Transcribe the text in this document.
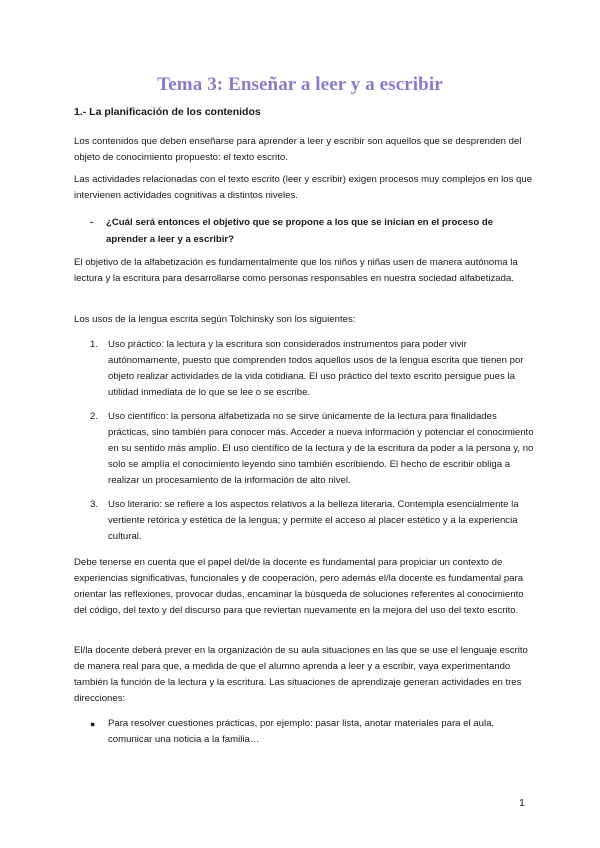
Tema 3: Enseñar a leer y a escribir
1.- La planificación de los contenidos

Los contenidos que deben enseñarse para aprender a leer y escribir son aquellos que se desprenden del objeto de conocimiento propuesto: el texto escrito.

Las actividades relacionadas con el texto escrito (leer y escribir) exigen procesos muy complejos en los que intervienen actividades cognitivas a distintos niveles.

- ¿Cuál será entonces el objetivo que se propone a los que se inician en el proceso de aprender a leer y a escribir?

El objetivo de la alfabetización es fundamentalmente que los niños y niñas usen de manera autónoma la lectura y la escritura para desarrollarse como personas responsables en nuestra sociedad alfabetizada.

Los usos de la lengua escrita según Tolchinsky son los siguientes:

1. Uso práctico: la lectura y la escritura son considerados instrumentos para poder vivir autónomamente, puesto que comprenden todos aquellos usos de la lengua escrita que tienen por objeto realizar actividades de la vida cotidiana. El uso práctico del texto escrito persigue pues la utilidad inmediata de lo que se lee o se escribe.
2. Uso científico: la persona alfabetizada no se sirve únicamente de la lectura para finalidades prácticas, sino también para conocer más. Acceder a nueva información y potenciar el conocimiento en su sentido más amplio. El uso científico de la lectura y de la escritura da poder a la persona y, no solo se amplía el conocimiento leyendo sino también escribiendo. El hecho de escribir obliga a realizar un procesamiento de la información de alto nivel.
3. Uso literario: se refiere a los aspectos relativos a la belleza literaria. Contempla esencialmente la vertiente retórica y estética de la lengua; y permite el acceso al placer estético y a la experiencia cultural.

Debe tenerse en cuenta que el papel del/de la docente es fundamental para propiciar un contexto de experiencias significativas, funcionales y de cooperación, pero además el/la docente es fundamental para orientar las reflexiones, provocar dudas, encaminar la búsqueda de soluciones referentes al conocimiento del código, del texto y del discurso para que reviertan nuevamente en la mejora del uso del texto escrito.

El/la docente deberá prever en la organización de su aula situaciones en las que se use el lenguaje escrito de manera real para que, a medida de que el alumno aprenda a leer y a escribir, vaya experimentando también la función de la lectura y la escritura. Las situaciones de aprendizaje generan actividades en tres direcciones:

● Para resolver cuestiones prácticas, por ejemplo: pasar lista, anotar materiales para el aula, comunicar una noticia a la familia…
1
